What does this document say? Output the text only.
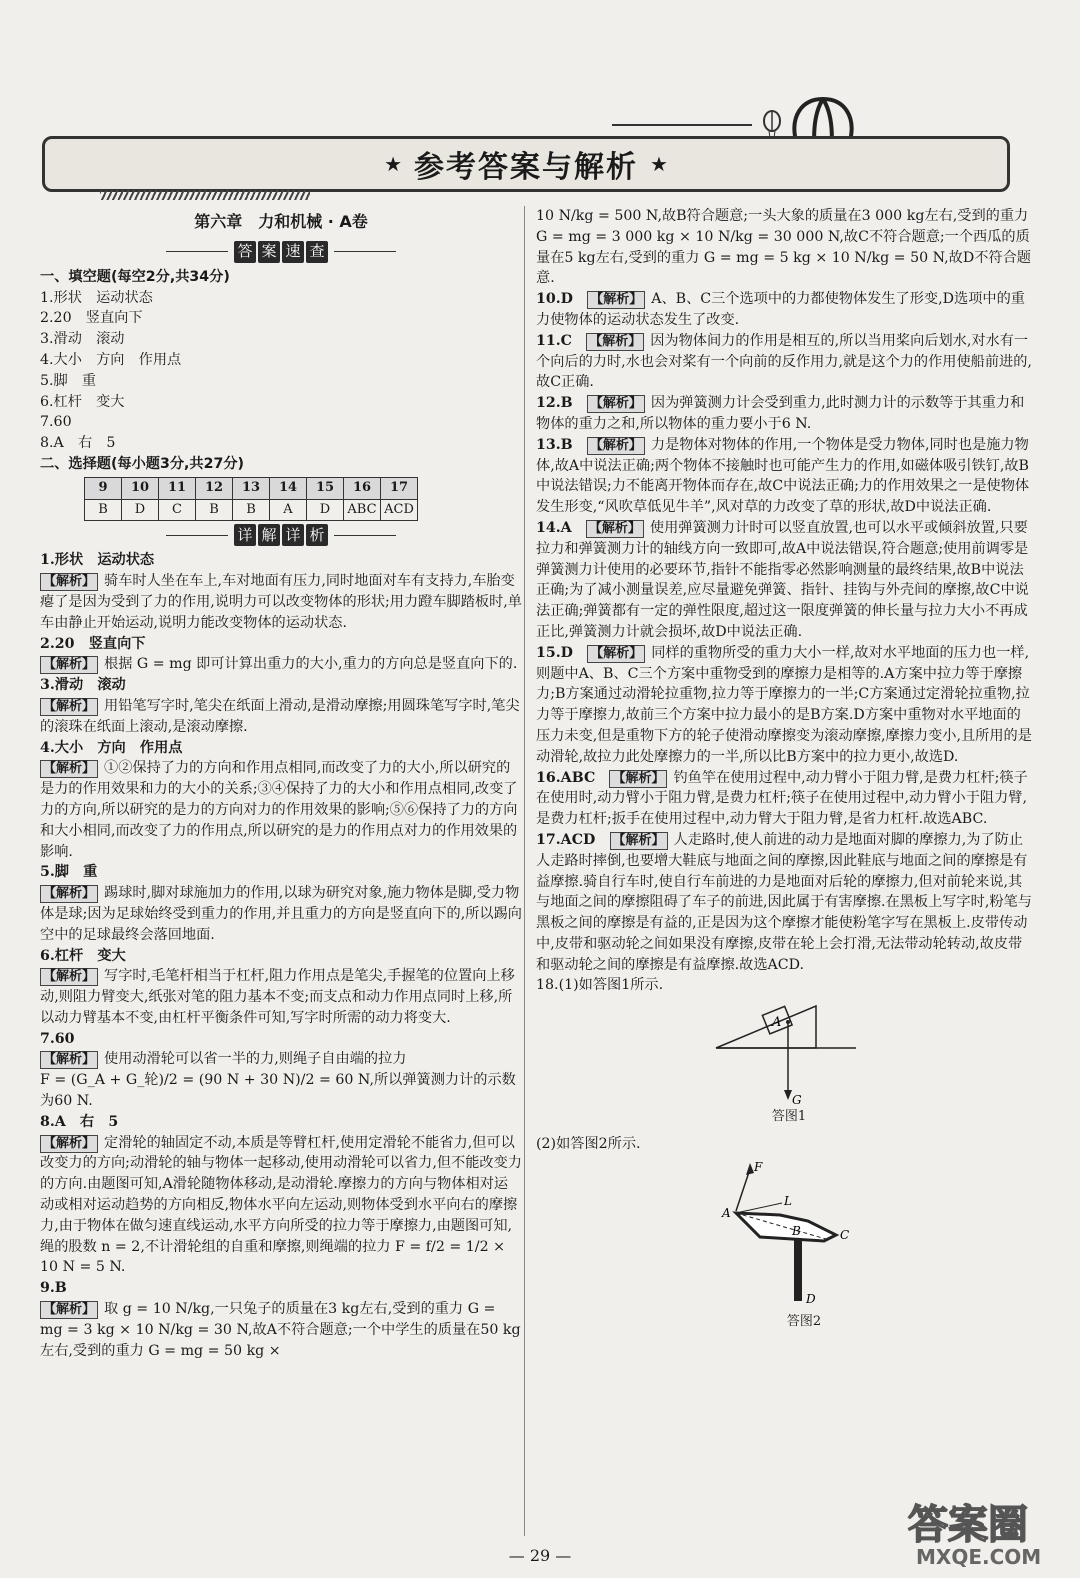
★ 参考答案与解析 ★
第六章　力和机械 · A卷
答 案 速 查
一、填空题(每空2分,共34分)
1.形状　运动状态
2.20　竖直向下
3.滑动　滚动
4.大小　方向　作用点
5.脚　重
6.杠杆　变大
7.60
8.A　右　5
二、选择题(每小题3分,共27分)
9	10	11	12	13	14	15	16	17
B	D	C	B	B	A	D	ABC	ACD
详 解 详 析
1.形状　运动状态
【解析】 骑车时人坐在车上,车对地面有压力,同时地面对车有支持力,车胎变瘪了是因为受到了力的作用,说明力可以改变物体的形状;用力蹬车脚踏板时,单车由静止开始运动,说明力能改变物体的运动状态.
2.20　竖直向下
【解析】 根据 G = mg 即可计算出重力的大小,重力的方向总是竖直向下的.
3.滑动　滚动
【解析】 用铅笔写字时,笔尖在纸面上滑动,是滑动摩擦;用圆珠笔写字时,笔尖的滚珠在纸面上滚动,是滚动摩擦.
4.大小　方向　作用点
【解析】 ①②保持了力的方向和作用点相同,而改变了力的大小,所以研究的是力的作用效果和力的大小的关系;③④保持了力的大小和作用点相同,改变了力的方向,所以研究的是力的方向对力的作用效果的影响;⑤⑥保持了力的方向和大小相同,而改变了力的作用点,所以研究的是力的作用点对力的作用效果的影响.
5.脚　重
【解析】 踢球时,脚对球施加力的作用,以球为研究对象,施力物体是脚,受力物体是球;因为足球始终受到重力的作用,并且重力的方向是竖直向下的,所以踢向空中的足球最终会落回地面.
6.杠杆　变大
【解析】 写字时,毛笔杆相当于杠杆,阻力作用点是笔尖,手握笔的位置向上移动,则阻力臂变大,纸张对笔的阻力基本不变;而支点和动力作用点同时上移,所以动力臂基本不变,由杠杆平衡条件可知,写字时所需的动力将变大.
7.60
【解析】 使用动滑轮可以省一半的力,则绳子自由端的拉力
F = (G_A + G_轮)/2 = (90 N + 30 N)/2 = 60 N,所以弹簧测力计的示数为60 N.
8.A　右　5
【解析】 定滑轮的轴固定不动,本质是等臂杠杆,使用定滑轮不能省力,但可以改变力的方向;动滑轮的轴与物体一起移动,使用动滑轮可以省力,但不能改变力的方向.由题图可知,A滑轮随物体移动,是动滑轮.摩擦力的方向与物体相对运动或相对运动趋势的方向相反,物体水平向左运动,则物体受到水平向右的摩擦力,由于物体在做匀速直线运动,水平方向所受的拉力等于摩擦力,由题图可知,绳的股数 n = 2,不计滑轮组的自重和摩擦,则绳端的拉力 F = f/2 = 1/2 × 10 N = 5 N.
9.B
【解析】 取 g = 10 N/kg,一只兔子的质量在3 kg左右,受到的重力 G = mg = 3 kg × 10 N/kg = 30 N,故A不符合题意;一个中学生的质量在50 kg左右,受到的重力 G = mg = 50 kg ×
10 N/kg = 500 N,故B符合题意;一头大象的质量在3 000 kg左右,受到的重力 G = mg = 3 000 kg × 10 N/kg = 30 000 N,故C不符合题意;一个西瓜的质量在5 kg左右,受到的重力 G = mg = 5 kg × 10 N/kg = 50 N,故D不符合题意.
10.D　 【解析】 A、B、C三个选项中的力都使物体发生了形变,D选项中的重力使物体的运动状态发生了改变.
11.C　 【解析】 因为物体间力的作用是相互的,所以当用桨向后划水,对水有一个向后的力时,水也会对桨有一个向前的反作用力,就是这个力的作用使船前进的,故C正确.
12.B　 【解析】 因为弹簧测力计会受到重力,此时测力计的示数等于其重力和物体的重力之和,所以物体的重力要小于6 N.
13.B　 【解析】 力是物体对物体的作用,一个物体是受力物体,同时也是施力物体,故A中说法正确;两个物体不接触时也可能产生力的作用,如磁体吸引铁钉,故B中说法错误;力不能离开物体而存在,故C中说法正确;力的作用效果之一是使物体发生形变,“风吹草低见牛羊”,风对草的力改变了草的形状,故D中说法正确.
14.A　 【解析】 使用弹簧测力计时可以竖直放置,也可以水平或倾斜放置,只要拉力和弹簧测力计的轴线方向一致即可,故A中说法错误,符合题意;使用前调零是弹簧测力计使用的必要环节,指针不能指零必然影响测量的最终结果,故B中说法正确;为了减小测量误差,应尽量避免弹簧、指针、挂钩与外壳间的摩擦,故C中说法正确;弹簧都有一定的弹性限度,超过这一限度弹簧的伸长量与拉力大小不再成正比,弹簧测力计就会损坏,故D中说法正确.
15.D　 【解析】 同样的重物所受的重力大小一样,故对水平地面的压力也一样,则题中A、B、C三个方案中重物受到的摩擦力是相等的.A方案中拉力等于摩擦力;B方案通过动滑轮拉重物,拉力等于摩擦力的一半;C方案通过定滑轮拉重物,拉力等于摩擦力,故前三个方案中拉力最小的是B方案.D方案中重物对水平地面的压力未变,但是重物下方的轮子使滑动摩擦变为滚动摩擦,摩擦力变小,且所用的是动滑轮,故拉力此处摩擦力的一半,所以比B方案中的拉力更小,故选D.
16.ABC　 【解析】 钓鱼竿在使用过程中,动力臂小于阻力臂,是费力杠杆;筷子在使用时,动力臂小于阻力臂,是费力杠杆;筷子在使用过程中,动力臂小于阻力臂,是费力杠杆;扳手在使用过程中,动力臂大于阻力臂,是省力杠杆.故选ABC.
17.ACD　 【解析】 人走路时,使人前进的动力是地面对脚的摩擦力,为了防止人走路时摔倒,也要增大鞋底与地面之间的摩擦,因此鞋底与地面之间的摩擦是有益摩擦.骑自行车时,使自行车前进的力是地面对后轮的摩擦力,但对前轮来说,其与地面之间的摩擦阻碍了车子的前进,因此属于有害摩擦.在黑板上写字时,粉笔与黑板之间的摩擦是有益的,正是因为这个摩擦才能使粉笔字写在黑板上.皮带传动中,皮带和驱动轮之间如果没有摩擦,皮带在轮上会打滑,无法带动轮转动,故皮带和驱动轮之间的摩擦是有益摩擦.故选ACD.
18.(1)如答图1所示.
A
G
答图1
(2)如答图2所示.
F
A
L
B	C
D
答图2
— 29 —
答案圈
MXQE.COM
